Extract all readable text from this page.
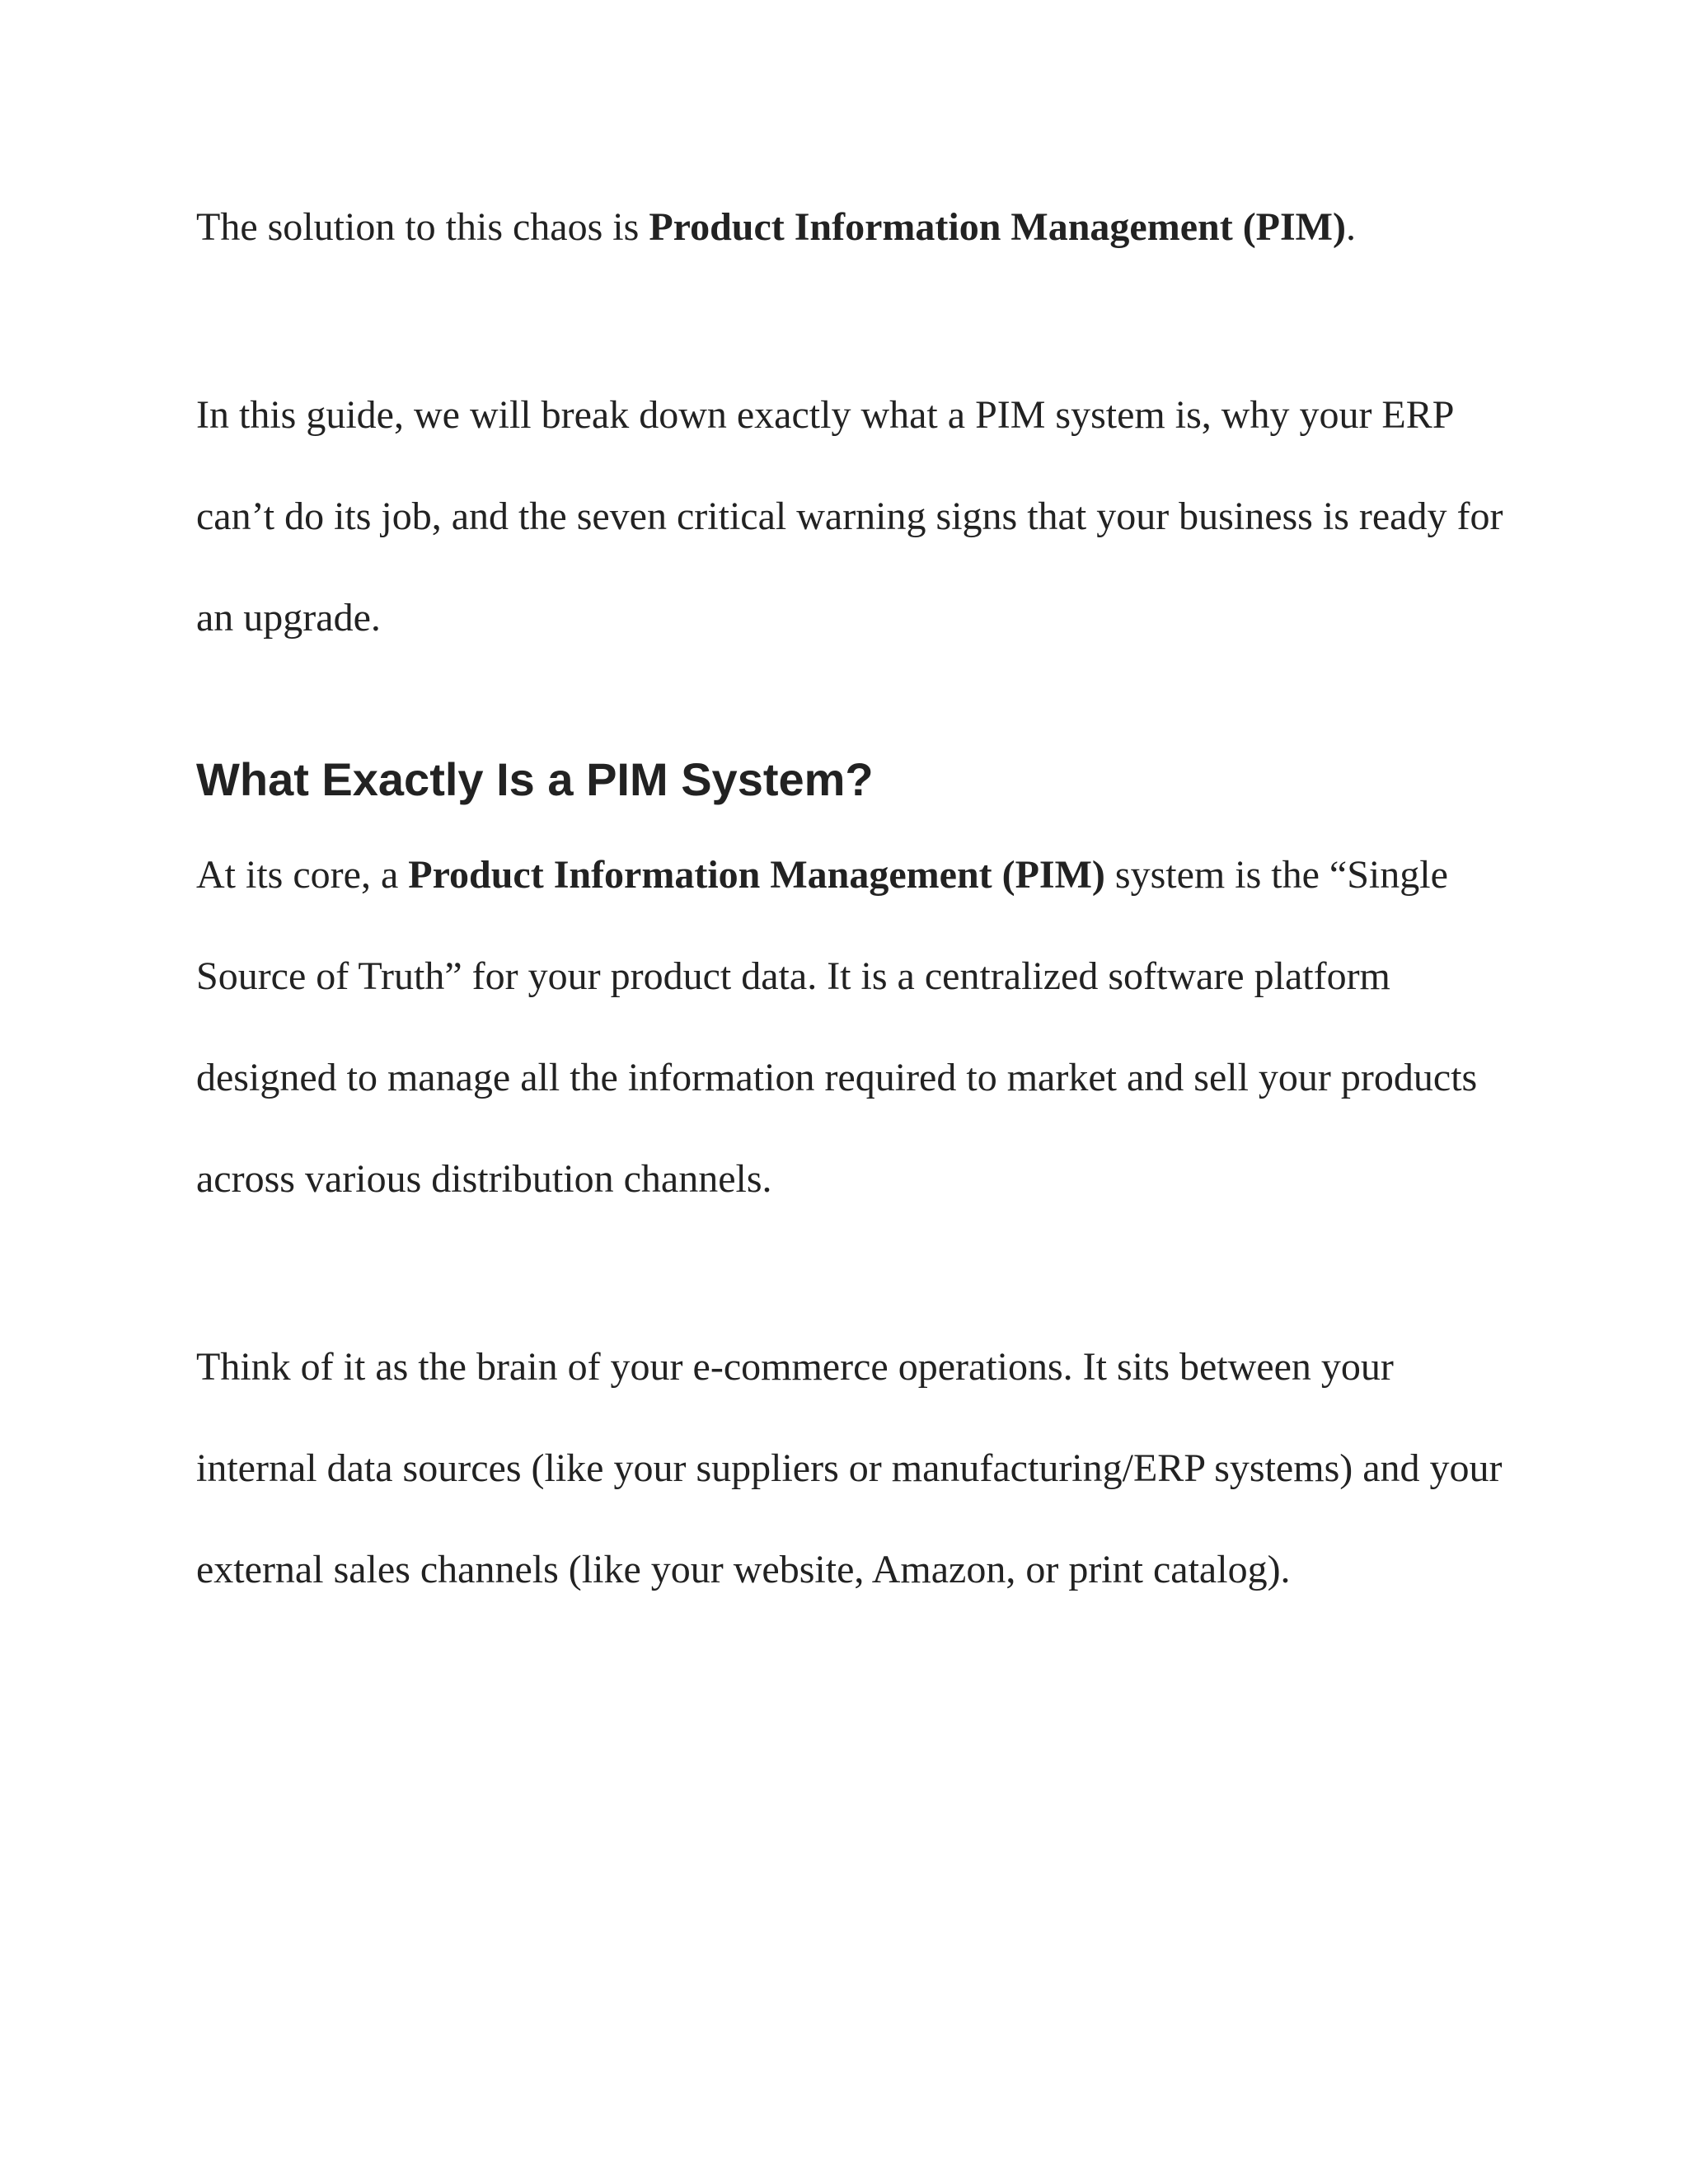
The solution to this chaos is Product Information Management (PIM).

In this guide, we will break down exactly what a PIM system is, why your ERP can’t do its job, and the seven critical warning signs that your business is ready for an upgrade.

What Exactly Is a PIM System?

At its core, a Product Information Management (PIM) system is the “Single Source of Truth” for your product data. It is a centralized software platform designed to manage all the information required to market and sell your products across various distribution channels.

Think of it as the brain of your e-commerce operations. It sits between your internal data sources (like your suppliers or manufacturing/ERP systems) and your external sales channels (like your website, Amazon, or print catalog).
